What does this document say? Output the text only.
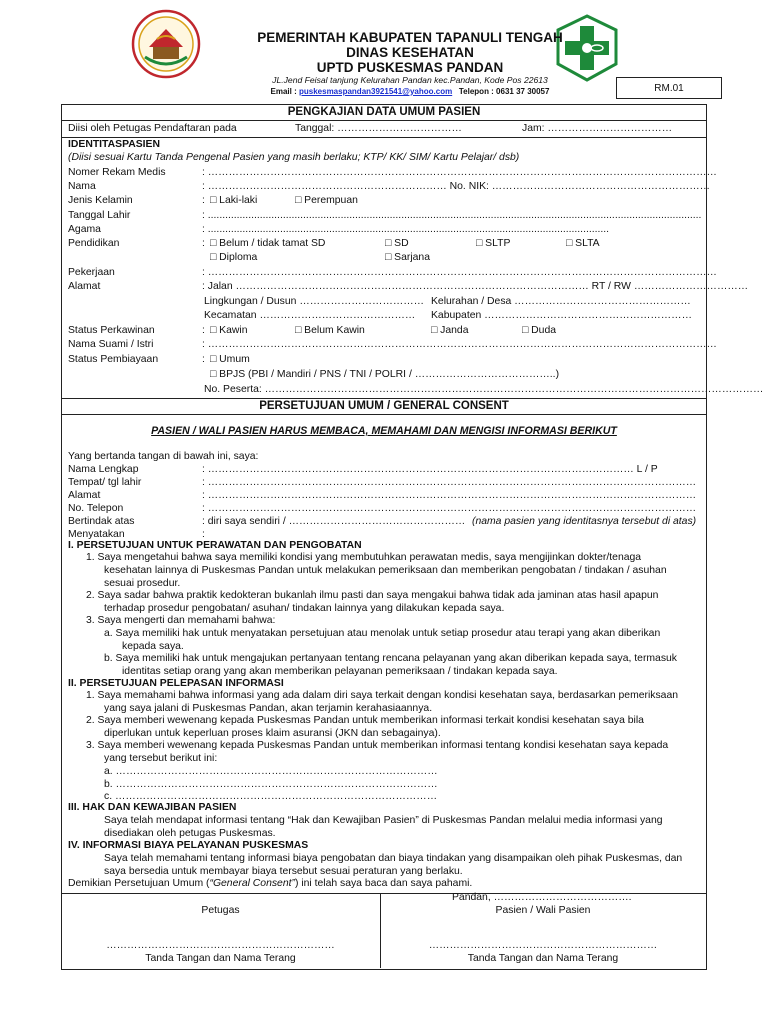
PEMERINTAH KABUPATEN TAPANULI TENGAH
DINAS KESEHATAN
UPTD PUSKESMAS PANDAN
JL.Jend Feisal tanjung Kelurahan Pandan kec.Pandan, Kode Pos 22613
Email : puskesmaspandan3921541@yahoo.com Telepon : 0631 37 30057	RM.01
PENGKAJIAN DATA UMUM PASIEN
Diisi oleh Petugas Pendaftaran pada	Tanggal: ………………………………	Jam: ………………………………
IDENTITASPASIEN
(Diisi sesuai Kartu Tanda Pengenal Pasien yang masih berlaku; KTP/ KK/ SIM/ Kartu Pelajar/ dsb)
Nomer Rekam Medis	: …………………………………………………………………………………………………………………………………
Nama	: …………………………………………………………… No. NIK: ………………………………………………………
Jenis Kelamin	:	□ Laki-laki	□ Perempuan
Tanggal Lahir	: ...........................................................................................................................................................................
Agama	: ...........................................................................................................................................
Pendidikan	:	□ Belum / tidak tamat SD	□ SD	□ SLTP	□ SLTA
□ Diploma	□ Sarjana
Pekerjaan	: …………………………………………………………………………………………………………………………………
Alamat	: Jalan ………………………………………………………………………………………… RT / RW ……………………………
Lingkungan / Dusun ……………………………… Kelurahan / Desa ……………………………………………
Kecamatan ……………………………………… Kabupaten ……………………………………………………
Status Perkawinan	:	□ Kawin	□ Belum Kawin	□ Janda	□ Duda
Nama Suami / Istri	: …………………………………………………………………………………………………………………………………
Status Pembiayaan	:	□ Umum
□ BPJS (PBI / Mandiri / PNS / TNI / POLRI / …………………………………..)
No. Peserta: ………………………………………………………………………………………………………………………………
PERSETUJUAN UMUM / GENERAL CONSENT
PASIEN / WALI PASIEN HARUS MEMBACA, MEMAHAMI DAN MENGISI INFORMASI BERIKUT
Yang bertanda tangan di bawah ini, saya:
Nama Lengkap	: …………………………………………………………………………………………………………… L / P
Tempat/ tgl lahir	: ……………………………………………………………………………………………………………………………
Alamat	: ……………………………………………………………………………………………………………………………
No. Telepon	: ……………………………………………………………………………………………………………………………
Bertindak atas	: diri saya sendiri / …………………………………………… (nama pasien yang identitasnya tersebut di atas)
Menyatakan	:
I. PERSETUJUAN UNTUK PERAWATAN DAN PENGOBATAN
1. Saya mengetahui bahwa saya memiliki kondisi yang membutuhkan perawatan medis, saya mengijinkan dokter/tenaga
kesehatan lainnya di Puskesmas Pandan untuk melakukan pemeriksaan dan memberikan pengobatan / tindakan / asuhan
sesuai prosedur.
2. Saya sadar bahwa praktik kedokteran bukanlah ilmu pasti dan saya mengakui bahwa tidak ada jaminan atas hasil apapun
terhadap prosedur pengobatan/ asuhan/ tindakan lainnya yang dilakukan kepada saya.
3. Saya mengerti dan memahami bahwa:
a. Saya memiliki hak untuk menyatakan persetujuan atau menolak untuk setiap prosedur atau terapi yang akan diberikan
kepada saya.
b. Saya memiliki hak untuk mengajukan pertanyaan tentang rencana pelayanan yang akan diberikan kepada saya, termasuk
identitas setiap orang yang akan memberikan pelayanan pemeriksaan / tindakan kepada saya.
II. PERSETUJUAN PELEPASAN INFORMASI
1. Saya memahami bahwa informasi yang ada dalam diri saya terkait dengan kondisi kesehatan saya, berdasarkan pemeriksaan
yang saya jalani di Puskesmas Pandan, akan terjamin kerahasiaannya.
2. Saya memberi wewenang kepada Puskesmas Pandan untuk memberikan informasi terkait kondisi kesehatan saya bila
diperlukan untuk keperluan proses klaim asuransi (JKN dan sebagainya).
3. Saya memberi wewenang kepada Puskesmas Pandan untuk memberikan informasi tentang kondisi kesehatan saya kepada
yang tersebut berikut ini:
a. …………………………………………………………………………………
b. …………………………………………………………………………………
c. …………………………………………………………………………………
III. HAK DAN KEWAJIBAN PASIEN
Saya telah mendapat informasi tentang “Hak dan Kewajiban Pasien” di Puskesmas Pandan melalui media informasi yang
disediakan oleh petugas Puskesmas.
IV. INFORMASI BIAYA PELAYANAN PUSKESMAS
Saya telah memahami tentang informasi biaya pengobatan dan biaya tindakan yang disampaikan oleh pihak Puskesmas, dan
saya bersedia untuk membayar biaya tersebut sesuai peraturan yang berlaku.
Demikian Persetujuan Umum (“General Consent”) ini telah saya baca dan saya pahami.
Pandan, ………………………………….
Petugas	Pasien / Wali Pasien
…………………………………………………………	…………………………………………………………
Tanda Tangan dan Nama Terang	Tanda Tangan dan Nama Terang
